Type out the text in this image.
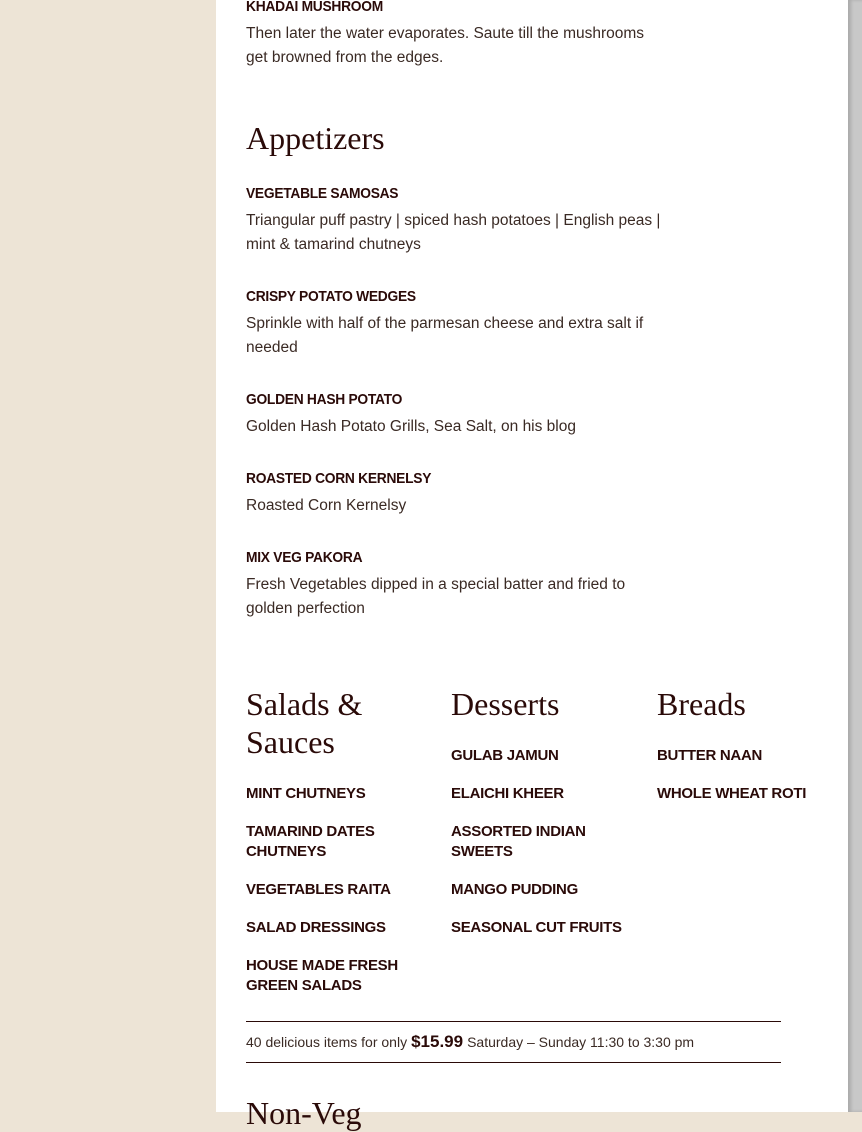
KHADAI MUSHROOM
Then later the water evaporates. Saute till the mushrooms get browned from the edges.
Appetizers
VEGETABLE SAMOSAS
Triangular puff pastry | spiced hash potatoes | English peas | mint & tamarind chutneys
CRISPY POTATO WEDGES
Sprinkle with half of the parmesan cheese and extra salt if needed
GOLDEN HASH POTATO
Golden Hash Potato Grills, Sea Salt, on his blog
ROASTED CORN KERNELSY
Roasted Corn Kernelsy
MIX VEG PAKORA
Fresh Vegetables dipped in a special batter and fried to golden perfection
Salads & Sauces
MINT CHUTNEYS
TAMARIND DATES CHUTNEYS
VEGETABLES RAITA
SALAD DRESSINGS
HOUSE MADE FRESH GREEN SALADS
Desserts
GULAB JAMUN
ELAICHI KHEER
ASSORTED INDIAN SWEETS
MANGO PUDDING
SEASONAL CUT FRUITS
Breads
BUTTER NAAN
WHOLE WHEAT ROTI
40 delicious items for only $15.99 Saturday – Sunday 11:30 to 3:30 pm
Non-Veg
